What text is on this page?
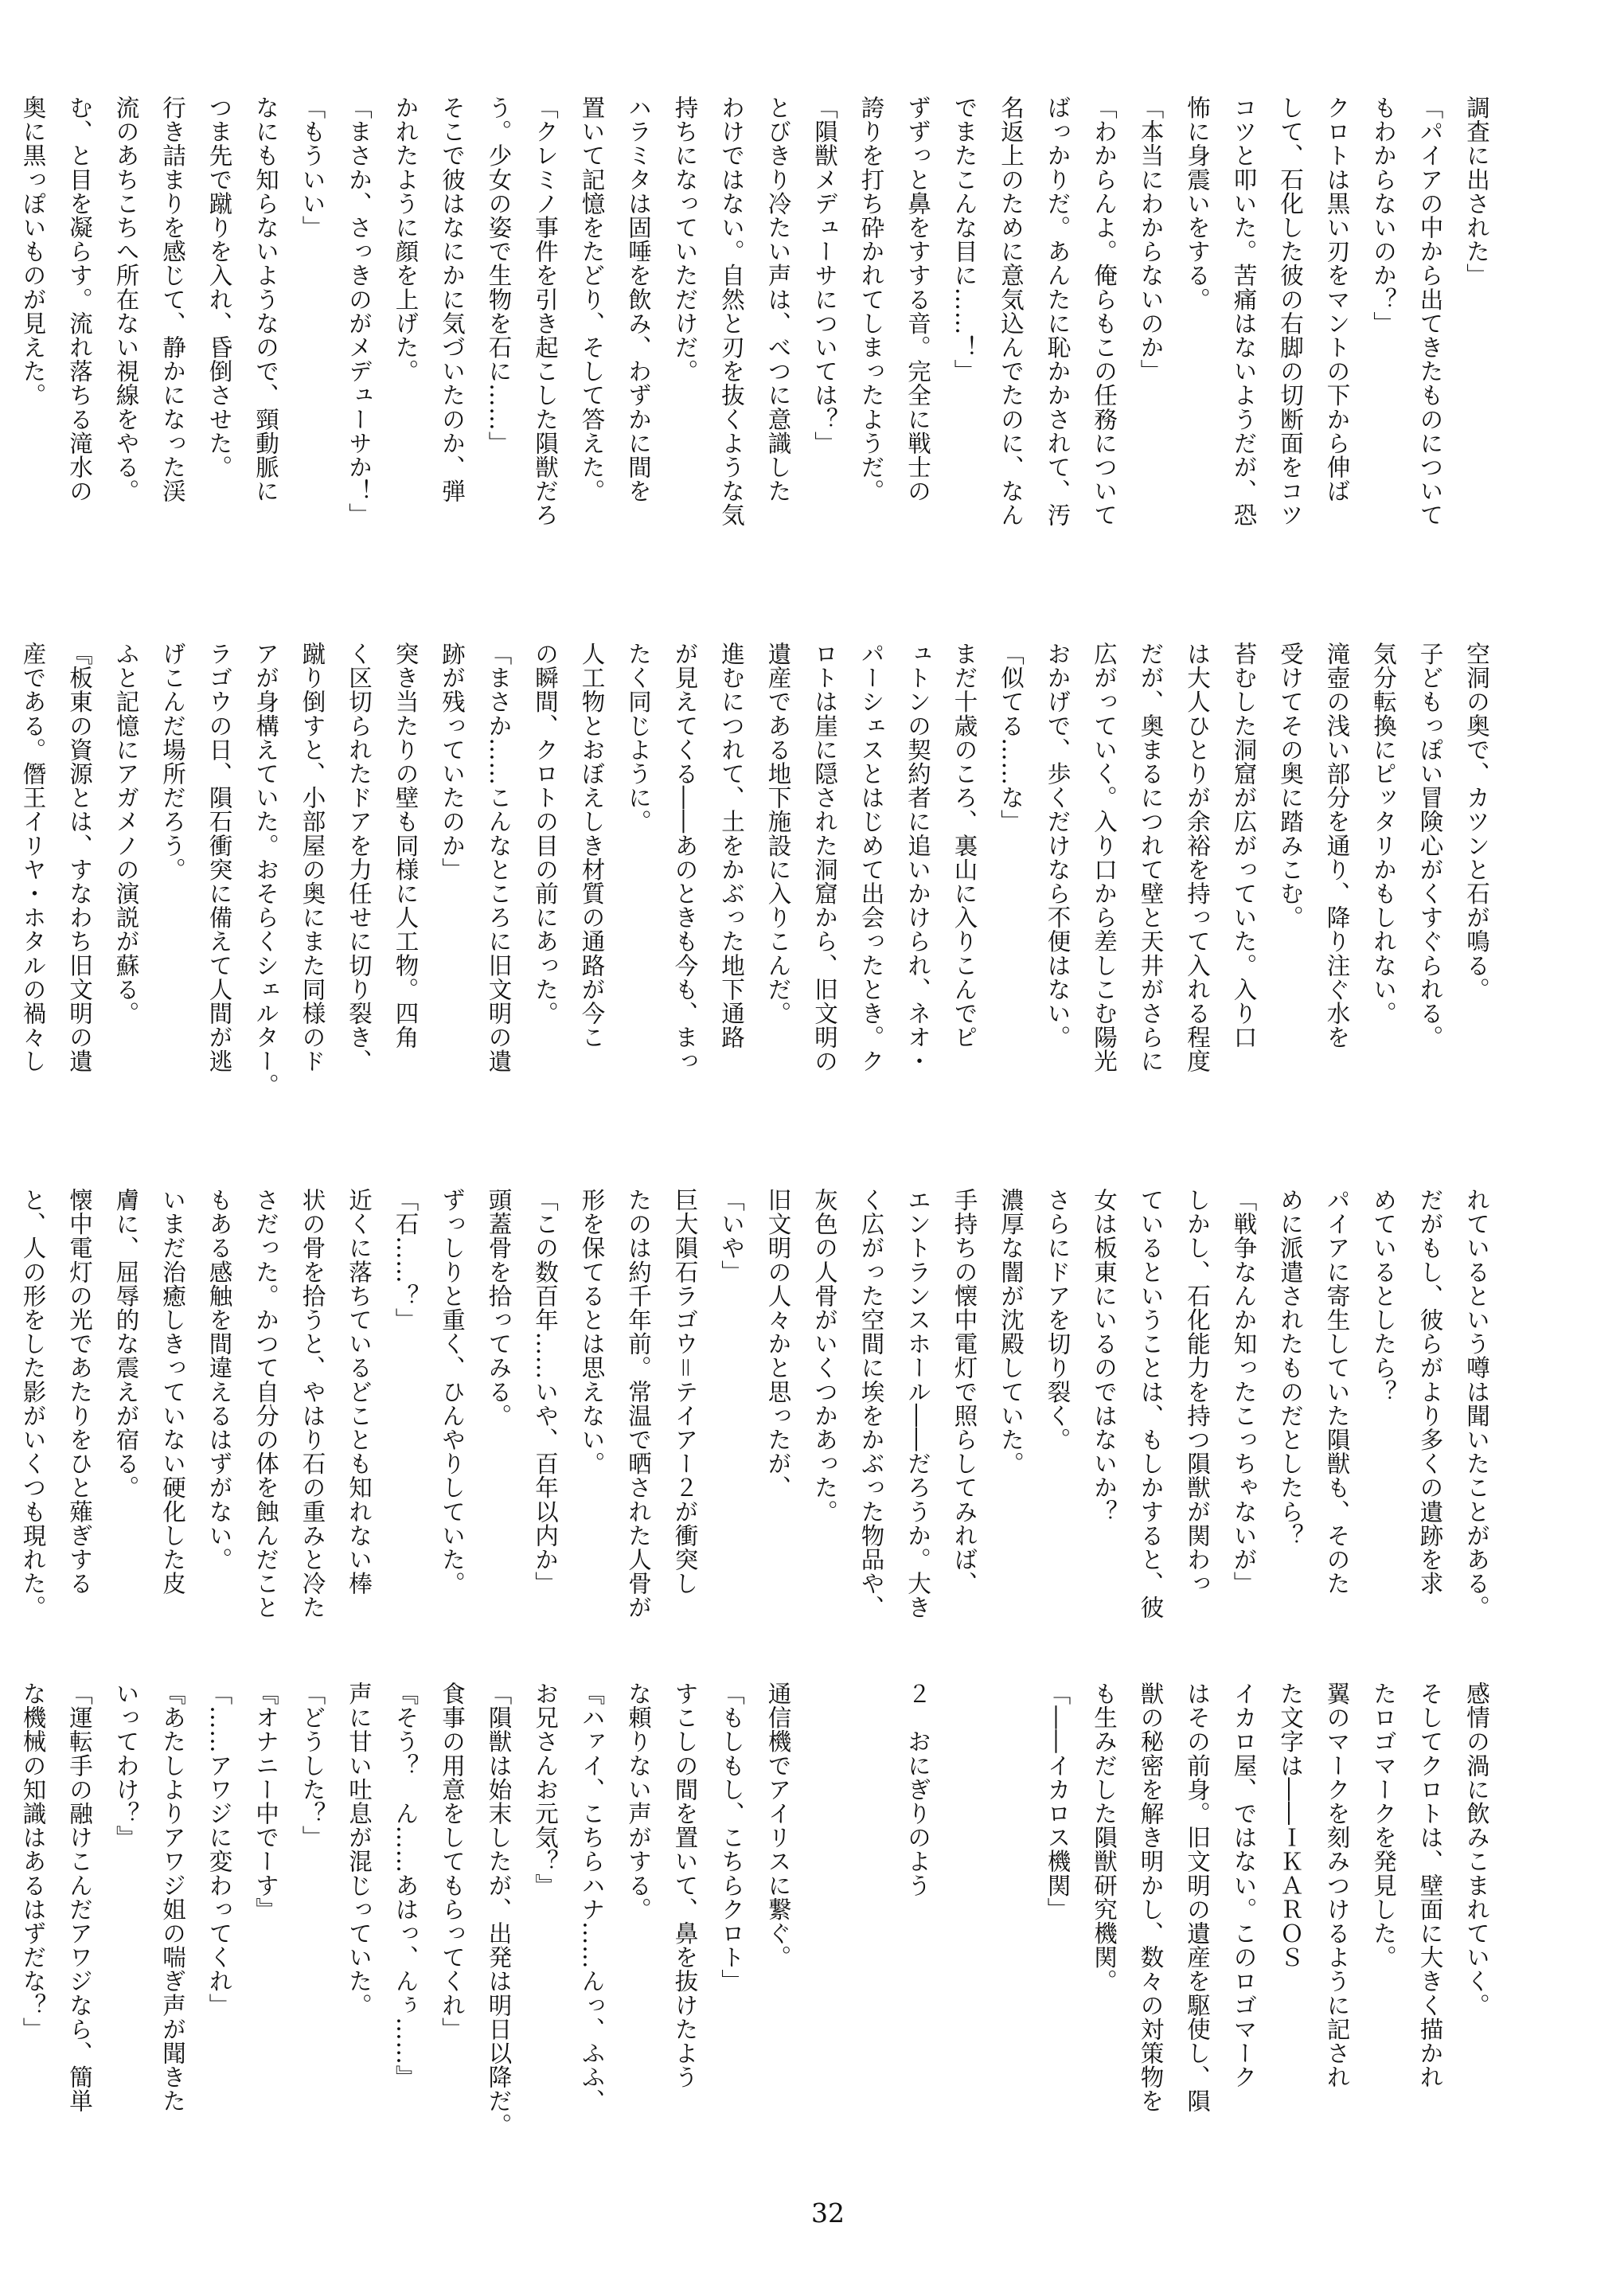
調査に出された」
「パイアの中から出てきたものについて
もわからないのか？」
クロトは黒い刃をマントの下から伸ば
して、石化した彼の右脚の切断面をコツ
コツと叩いた。苦痛はないようだが、恐
怖に身震いをする。
「本当にわからないのか」
「わからんよ。俺らもこの任務について
ばっかりだ。あんたに恥かかされて、汚
名返上のために意気込んでたのに、なん
でまたこんな目に……！」
ずずっと鼻をすする音。完全に戦士の
誇りを打ち砕かれてしまったようだ。
「隕獣メデューサについては？」
とびきり冷たい声は、べつに意識した
わけではない。自然と刃を抜くような気
持ちになっていただけだ。
ハラミタは固唾を飲み、わずかに間を
置いて記憶をたどり、そして答えた。
「クレミノ事件を引き起こした隕獣だろ
う。少女の姿で生物を石に……」
そこで彼はなにかに気づいたのか、弾
かれたように顔を上げた。
「まさか、さっきのがメデューサか！」
「もういい」
なにも知らないようなので、頸動脈に
つま先で蹴りを入れ、昏倒させた。
行き詰まりを感じて、静かになった渓
流のあちこちへ所在ない視線をやる。
む、と目を凝らす。流れ落ちる滝水の
奥に黒っぽいものが見えた。
空洞の奥で、カツンと石が鳴る。
子どもっぽい冒険心がくすぐられる。
気分転換にピッタリかもしれない。
滝壺の浅い部分を通り、降り注ぐ水を
受けてその奥に踏みこむ。
苔むした洞窟が広がっていた。入り口
は大人ひとりが余裕を持って入れる程度
だが、奥まるにつれて壁と天井がさらに
広がっていく。入り口から差しこむ陽光
おかげで、歩くだけなら不便はない。
「似てる……な」
まだ十歳のころ、裏山に入りこんでピ
ュトンの契約者に追いかけられ、ネオ・
パーシェスとはじめて出会ったとき。ク
ロトは崖に隠された洞窟から、旧文明の
遺産である地下施設に入りこんだ。
進むにつれて、土をかぶった地下通路
が見えてくる――あのときも今も、まっ
たく同じように。
人工物とおぼえしき材質の通路が今こ
の瞬間、クロトの目の前にあった。
「まさか……こんなところに旧文明の遺
跡が残っていたのか」
突き当たりの壁も同様に人工物。四角
く区切られたドアを力任せに切り裂き、
蹴り倒すと、小部屋の奥にまた同様のド
アが身構えていた。おそらくシェルター。
ラゴウの日、隕石衝突に備えて人間が逃
げこんだ場所だろう。
ふと記憶にアガメノの演説が蘇る。
『板東の資源とは、すなわち旧文明の遺
産である。僭王イリヤ・ホタルの禍々し
れているという噂は聞いたことがある。
だがもし、彼らがより多くの遺跡を求
めているとしたら？
パイアに寄生していた隕獣も、そのた
めに派遣されたものだとしたら？
「戦争なんか知ったこっちゃないが」
しかし、石化能力を持つ隕獣が関わっ
ているということは、もしかすると、彼
女は板東にいるのではないか？
さらにドアを切り裂く。
濃厚な闇が沈殿していた。
手持ちの懐中電灯で照らしてみれば、
エントランスホール――だろうか。大き
く広がった空間に埃をかぶった物品や、
灰色の人骨がいくつかあった。
旧文明の人々かと思ったが、
「いや」
巨大隕石ラゴウ＝テイアー２が衝突し
たのは約千年前。常温で晒された人骨が
形を保てるとは思えない。
「この数百年……いや、百年以内か」
頭蓋骨を拾ってみる。
ずっしりと重く、ひんやりしていた。
「石……？」
近くに落ちているどことも知れない棒
状の骨を拾うと、やはり石の重みと冷た
さだった。かつて自分の体を蝕んだこと
もある感触を間違えるはずがない。
いまだ治癒しきっていない硬化した皮
膚に、屈辱的な震えが宿る。
懐中電灯の光であたりをひと薙ぎする
と、人の形をした影がいくつも現れた。
感情の渦に飲みこまれていく。
そしてクロトは、壁面に大きく描かれ
たロゴマークを発見した。
翼のマークを刻みつけるように記され
た文字は――ＩＫＡＲＯＳ
イカロ屋、ではない。このロゴマーク
はその前身。旧文明の遺産を駆使し、隕
獣の秘密を解き明かし、数々の対策物を
も生みだした隕獣研究機関。
「――イカロス機関」

２　おにぎりのよう

通信機でアイリスに繋ぐ。
「もしもし、こちらクロト」
すこしの間を置いて、鼻を抜けたよう
な頼りない声がする。
『ハァイ、こちらハナ……んっ、ふふ、
お兄さんお元気？』
「隕獣は始末したが、出発は明日以降だ。
食事の用意をしてもらってくれ」
『そう？　ん……あはっ、んぅ……』
声に甘い吐息が混じっていた。
「どうした？」
『オナニー中でーす』
「……アワジに変わってくれ」
『あたしよりアワジ姐の喘ぎ声が聞きた
いってわけ？』
「運転手の融けこんだアワジなら、簡単
な機械の知識はあるはずだな？」
32
